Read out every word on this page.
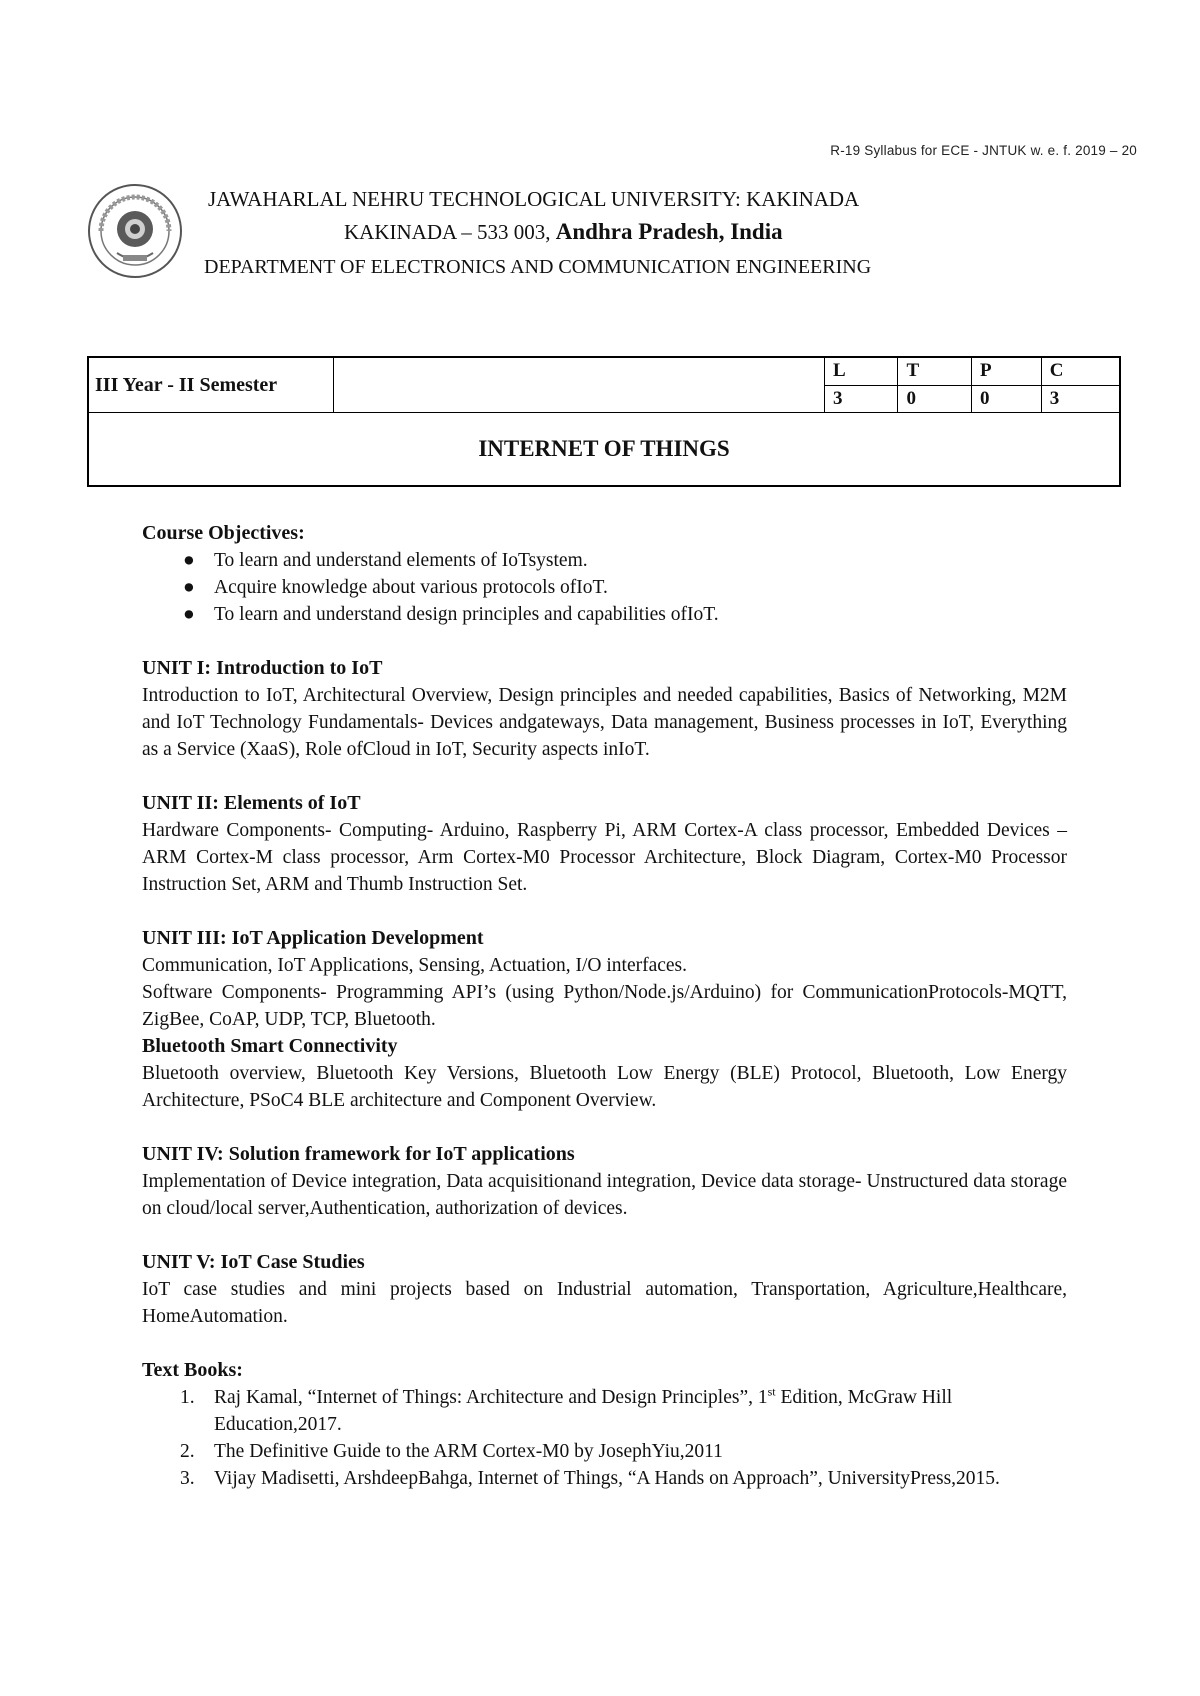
R-19 Syllabus for ECE - JNTUK w. e. f. 2019 – 20
JAWAHARLAL NEHRU TECHNOLOGICAL UNIVERSITY: KAKINADA
KAKINADA – 533 003, Andhra Pradesh, India
DEPARTMENT OF ELECTRONICS AND COMMUNICATION ENGINEERING
III Year - II Semester		L	T	P	C
		3	0	0	3
INTERNET OF THINGS					
Course Objectives:
● To learn and understand elements of IoTsystem.
● Acquire knowledge about various protocols ofIoT.
● To learn and understand design principles and capabilities ofIoT.
UNIT I: Introduction to IoT
Introduction to IoT, Architectural Overview, Design principles and needed capabilities, Basics of Networking, M2M and IoT Technology Fundamentals- Devices andgateways, Data management, Business processes in IoT, Everything as a Service (XaaS), Role ofCloud in IoT, Security aspects inIoT.
UNIT II: Elements of IoT
Hardware Components- Computing- Arduino, Raspberry Pi, ARM Cortex-A class processor, Embedded Devices – ARM Cortex-M class processor, Arm Cortex-M0 Processor Architecture, Block Diagram, Cortex-M0 Processor Instruction Set, ARM and Thumb Instruction Set.
UNIT III: IoT Application Development
Communication, IoT Applications, Sensing, Actuation, I/O interfaces.
Software Components- Programming API’s (using Python/Node.js/Arduino) for CommunicationProtocols-MQTT, ZigBee, CoAP, UDP, TCP, Bluetooth.
Bluetooth Smart Connectivity
Bluetooth overview, Bluetooth Key Versions, Bluetooth Low Energy (BLE) Protocol, Bluetooth, Low Energy Architecture, PSoC4 BLE architecture and Component Overview.
UNIT IV: Solution framework for IoT applications
Implementation of Device integration, Data acquisitionand integration, Device data storage- Unstructured data storage on cloud/local server,Authentication, authorization of devices.
UNIT V: IoT Case Studies
IoT case studies and mini projects based on Industrial automation, Transportation, Agriculture,Healthcare, HomeAutomation.
Text Books:
1. Raj Kamal, “Internet of Things: Architecture and Design Principles”, 1st Edition, McGraw Hill Education,2017.
2. The Definitive Guide to the ARM Cortex-M0 by JosephYiu,2011
3. Vijay Madisetti, ArshdeepBahga, Internet of Things, “A Hands on Approach”, UniversityPress,2015.
